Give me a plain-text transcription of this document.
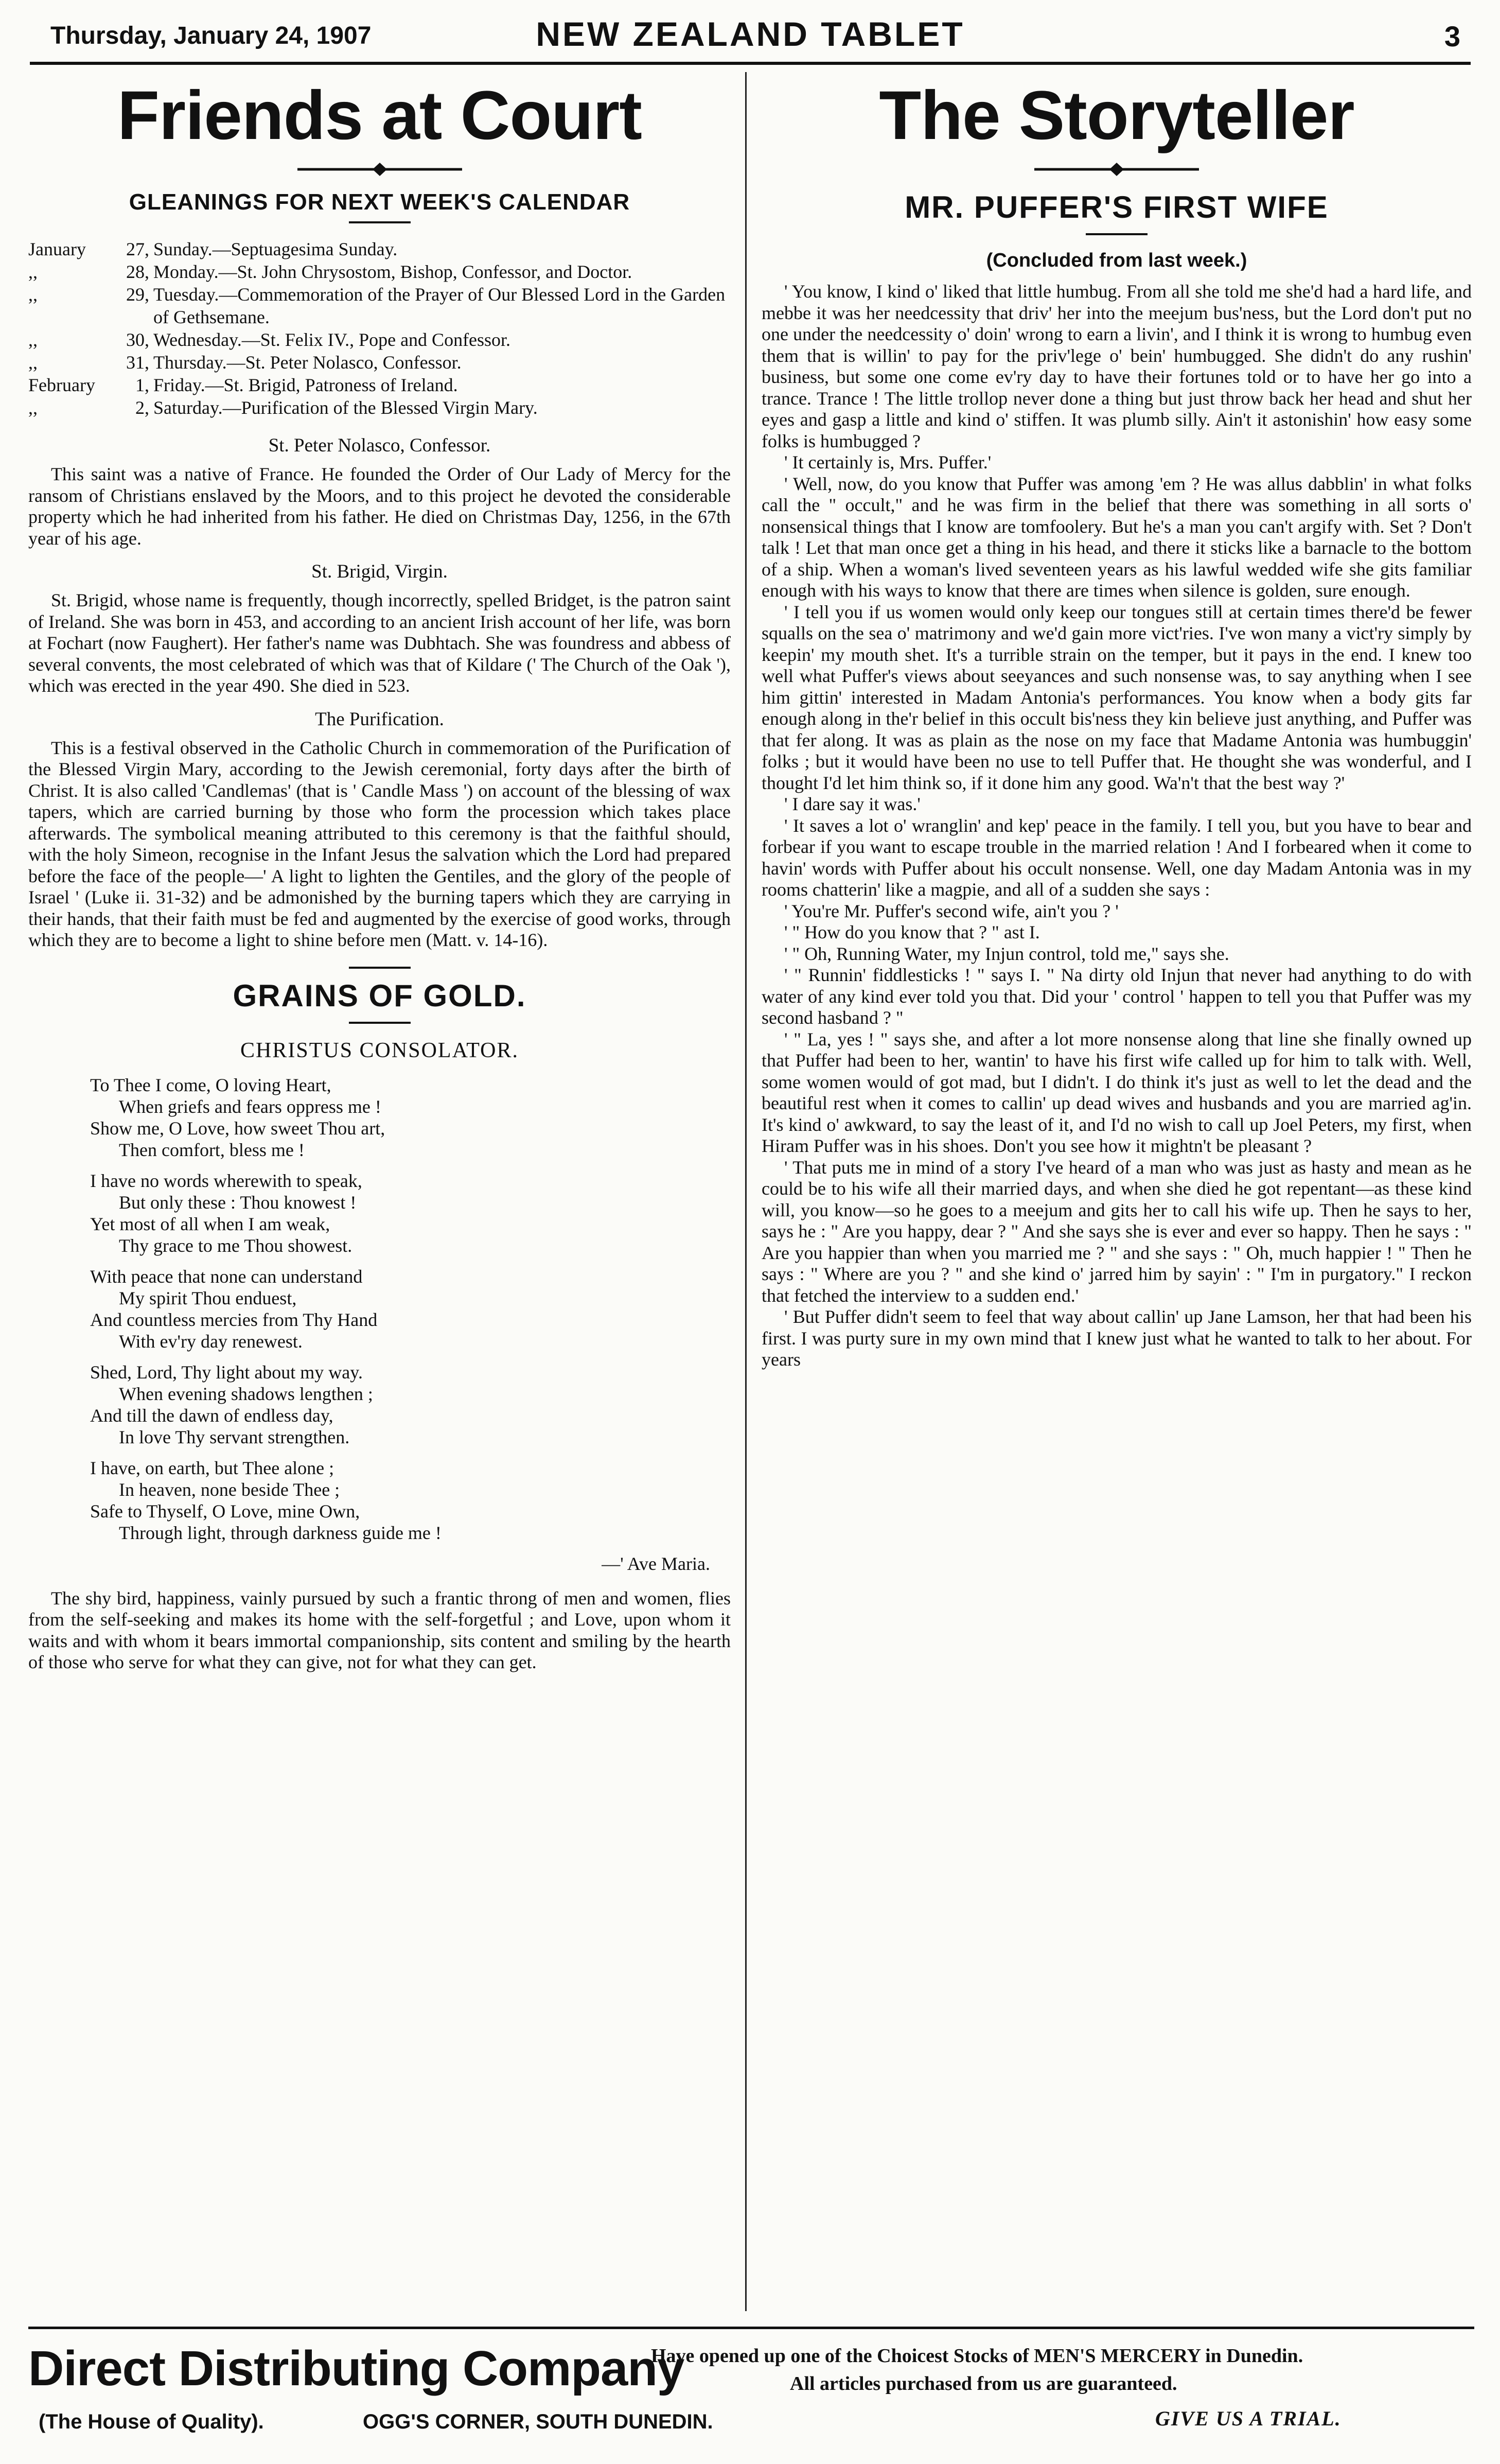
Thursday, January 24, 1907	NEW ZEALAND TABLET	3
Friends at Court
GLEANINGS FOR NEXT WEEK'S CALENDAR
January	27, Sunday.—Septuagesima Sunday.
,,	28, Monday.—St. John Chrysostom, Bishop, Confessor, and Doctor.
,,	29, Tuesday.—Commemoration of the Prayer of Our Blessed Lord in the Garden of Gethsemane.
,,	30, Wednesday.—St. Felix IV., Pope and Confessor.
,,	31, Thursday.—St. Peter Nolasco, Confessor.
February	1, Friday.—St. Brigid, Patroness of Ireland.
,,	2, Saturday.—Purification of the Blessed Virgin Mary.
St. Peter Nolasco, Confessor.

This saint was a native of France. He founded the Order of Our Lady of Mercy for the ransom of Christians enslaved by the Moors, and to this project he devoted the considerable property which he had inherited from his father. He died on Christmas Day, 1256, in the 67th year of his age.

St. Brigid, Virgin.

St. Brigid, whose name is frequently, though incorrectly, spelled Bridget, is the patron saint of Ireland. She was born in 453, and according to an ancient Irish account of her life, was born at Fochart (now Faughert). Her father's name was Dubhtach. She was foundress and abbess of several convents, the most celebrated of which was that of Kildare (' The Church of the Oak '), which was erected in the year 490. She died in 523.

The Purification.

This is a festival observed in the Catholic Church in commemoration of the Purification of the Blessed Virgin Mary, according to the Jewish ceremonial, forty days after the birth of Christ. It is also called 'Candlemas' (that is ' Candle Mass ') on account of the blessing of wax tapers, which are carried burning by those who form the procession which takes place afterwards. The symbolical meaning attributed to this ceremony is that the faithful should, with the holy Simeon, recognise in the Infant Jesus the salvation which the Lord had prepared before the face of the people—' A light to lighten the Gentiles, and the glory of the people of Israel ' (Luke ii. 31-32) and be admonished by the burning tapers which they are carrying in their hands, that their faith must be fed and augmented by the exercise of good works, through which they are to become a light to shine before men (Matt. v. 14-16).

GRAINS OF GOLD.
CHRISTUS CONSOLATOR.
To Thee I come, O loving Heart,
When griefs and fears oppress me !
Show me, O Love, how sweet Thou art,
Then comfort, bless me !
I have no words wherewith to speak,
But only these : Thou knowest !
Yet most of all when I am weak,
Thy grace to me Thou showest.
With peace that none can understand
My spirit Thou enduest,
And countless mercies from Thy Hand
With ev'ry day renewest.
Shed, Lord, Thy light about my way.
When evening shadows lengthen ;
And till the dawn of endless day,
In love Thy servant strengthen.
I have, on earth, but Thee alone ;
In heaven, none beside Thee ;
Safe to Thyself, O Love, mine Own,
Through light, through darkness guide me !
—' Ave Maria.

The shy bird, happiness, vainly pursued by such a frantic throng of men and women, flies from the self-seeking and makes its home with the self-forgetful ; and Love, upon whom it waits and with whom it bears immortal companionship, sits content and smiling by the hearth of those who serve for what they can give, not for what they can get.

The Storyteller
MR. PUFFER'S FIRST WIFE
(Concluded from last week.)

' You know, I kind o' liked that little humbug. From all she told me she'd had a hard life, and mebbe it was her needcessity that driv' her into the meejum bus'ness, but the Lord don't put no one under the needcessity o' doin' wrong to earn a livin', and I think it is wrong to humbug even them that is willin' to pay for the priv'lege o' bein' humbugged. She didn't do any rushin' business, but some one come ev'ry day to have their fortunes told or to have her go into a trance. Trance ! The little trollop never done a thing but just throw back her head and shut her eyes and gasp a little and kind o' stiffen. It was plumb silly. Ain't it astonishin' how easy some folks is humbugged ?

' It certainly is, Mrs. Puffer.'

' Well, now, do you know that Puffer was among 'em ? He was allus dabblin' in what folks call the " occult," and he was firm in the belief that there was something in all sorts o' nonsensical things that I know are tomfoolery. But he's a man you can't argify with. Set ? Don't talk ! Let that man once get a thing in his head, and there it sticks like a barnacle to the bottom of a ship. When a woman's lived seventeen years as his lawful wedded wife she gits familiar enough with his ways to know that there are times when silence is golden, sure enough.

' I tell you if us women would only keep our tongues still at certain times there'd be fewer squalls on the sea o' matrimony and we'd gain more vict'ries. I've won many a vict'ry simply by keepin' my mouth shet. It's a turrible strain on the temper, but it pays in the end. I knew too well what Puffer's views about seeyances and such nonsense was, to say anything when I see him gittin' interested in Madam Antonia's performances. You know when a body gits far enough along in the'r belief in this occult bis'ness they kin believe just anything, and Puffer was that fer along. It was as plain as the nose on my face that Madame Antonia was humbuggin' folks ; but it would have been no use to tell Puffer that. He thought she was wonderful, and I thought I'd let him think so, if it done him any good. Wa'n't that the best way ?'

' I dare say it was.'

' It saves a lot o' wranglin' and kep' peace in the family. I tell you, but you have to bear and forbear if you want to escape trouble in the married relation ! And I forbeared when it come to havin' words with Puffer about his occult nonsense. Well, one day Madam Antonia was in my rooms chatterin' like a magpie, and all of a sudden she says :

' You're Mr. Puffer's second wife, ain't you ? '

' " How do you know that ? " ast I.

' " Oh, Running Water, my Injun control, told me," says she.

' " Runnin' fiddlesticks ! " says I. " Na dirty old Injun that never had anything to do with water of any kind ever told you that. Did your ' control ' happen to tell you that Puffer was my second hasband ? "

' " La, yes ! " says she, and after a lot more nonsense along that line she finally owned up that Puffer had been to her, wantin' to have his first wife called up for him to talk with. Well, some women would of got mad, but I didn't. I do think it's just as well to let the dead and the beautiful rest when it comes to callin' up dead wives and husbands and you are married ag'in. It's kind o' awkward, to say the least of it, and I'd no wish to call up Joel Peters, my first, when Hiram Puffer was in his shoes. Don't you see how it mightn't be pleasant ?

' That puts me in mind of a story I've heard of a man who was just as hasty and mean as he could be to his wife all their married days, and when she died he got repentant—as these kind will, you know—so he goes to a meejum and gits her to call his wife up. Then he says to her, says he : " Are you happy, dear ? " And she says she is ever and ever so happy. Then he says : " Are you happier than when you married me ? " and she says : " Oh, much happier ! " Then he says : " Where are you ? " and she kind o' jarred him by sayin' : " I'm in purgatory." I reckon that fetched the interview to a sudden end.'

' But Puffer didn't seem to feel that way about callin' up Jane Lamson, her that had been his first. I was purty sure in my own mind that I knew just what he wanted to talk to her about. For years

Direct Distributing Company
(The House of Quality).	OGG'S CORNER, SOUTH DUNEDIN.
Have opened up one of the Choicest Stocks of MEN'S MERCERY in Dunedin.
All articles purchased from us are guaranteed.
GIVE US A TRIAL.
